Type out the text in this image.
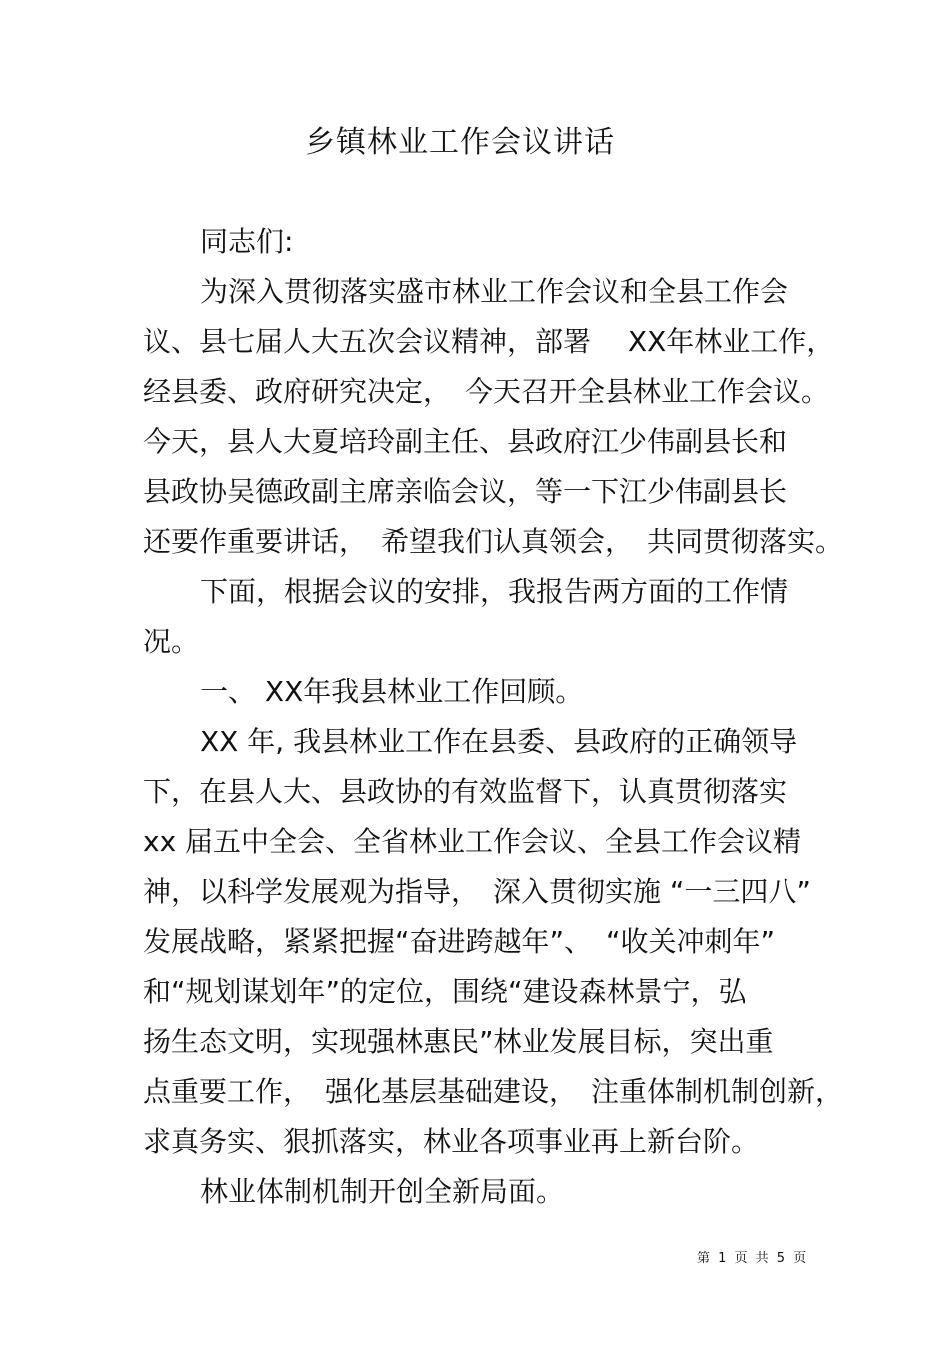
乡镇林业工作会议讲话
同志们:
为深入贯彻落实盛市林业工作会议和全县工作会
议、县七届人大五次会议精神，部署　 XX年林业工作，
经县委、政府研究决定，　今天召开全县林业工作会议。
今天，县人大夏培玲副主任、县政府江少伟副县长和
县政协吴德政副主席亲临会议，等一下江少伟副县长
还要作重要讲话，　希望我们认真领会，　共同贯彻落实。
下面，根据会议的安排，我报告两方面的工作情
况。
一、 XX年我县林业工作回顾。
XX 年, 我县林业工作在县委、县政府的正确领导
下，在县人大、县政协的有效监督下，认真贯彻落实
xx 届五中全会、全省林业工作会议、全县工作会议精
神，以科学发展观为指导，　深入贯彻实施 “一三四八”
发展战略，紧紧把握“奋进跨越年”、　“收关冲刺年”
和“规划谋划年”的定位，围绕“建设森林景宁，弘
扬生态文明，实现强林惠民”林业发展目标，突出重
点重要工作，　强化基层基础建设，　注重体制机制创新，
求真务实、狠抓落实，林业各项事业再上新台阶。
林业体制机制开创全新局面。
第 1 页 共 5 页
